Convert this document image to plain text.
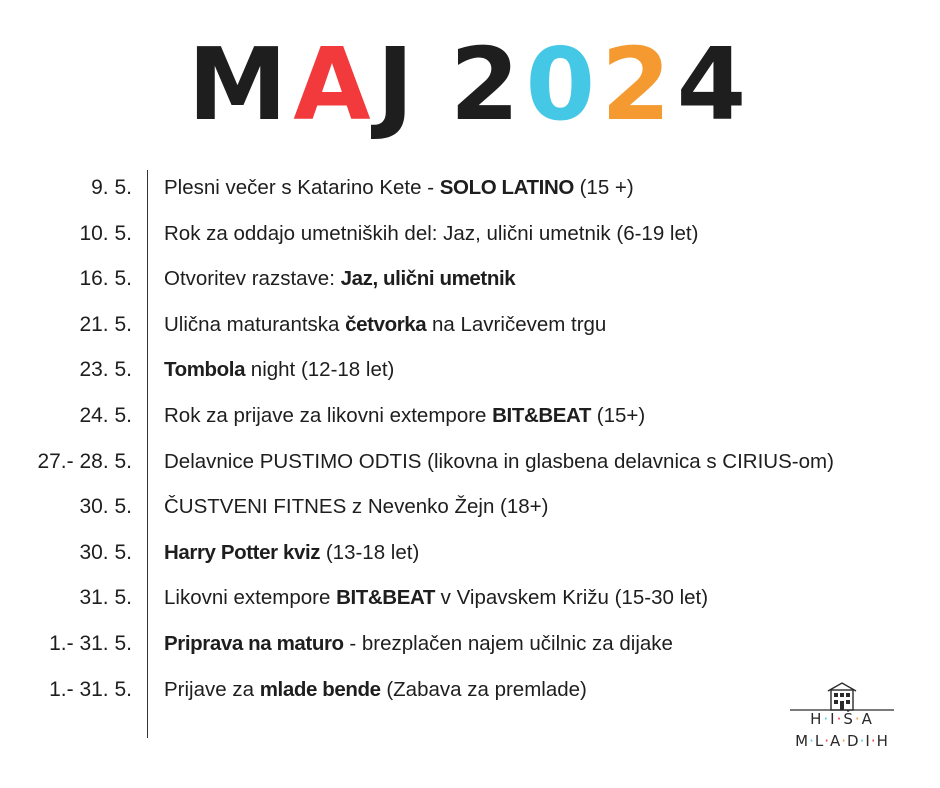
MAJ 2024
9. 5. Plesni večer s Katarino Kete - SOLO LATINO (15 +)
10. 5. Rok za oddajo umetniških del: Jaz, ulični umetnik (6-19 let)
16. 5. Otvoritev razstave: Jaz, ulični umetnik
21. 5. Ulična maturantska četvorka na Lavričevem trgu
23. 5. Tombola night (12-18 let)
24. 5. Rok za prijave za likovni extempore BIT&BEAT (15+)
27.- 28. 5. Delavnice PUSTIMO ODTIS (likovna in glasbena delavnica s CIRIUS-om)
30. 5. ČUSTVENI FITNES z Nevenko Žejn (18+)
30. 5. Harry Potter kviz (13-18 let)
31. 5. Likovni extempore BIT&BEAT v Vipavskem Križu (15-30 let)
1.- 31. 5. Priprava na maturo - brezplačen najem učilnic za dijake
1.- 31. 5. Prijave za mlade bende (Zabava za premlade)
H·I·Š·A
M·L·A·D·I·H
